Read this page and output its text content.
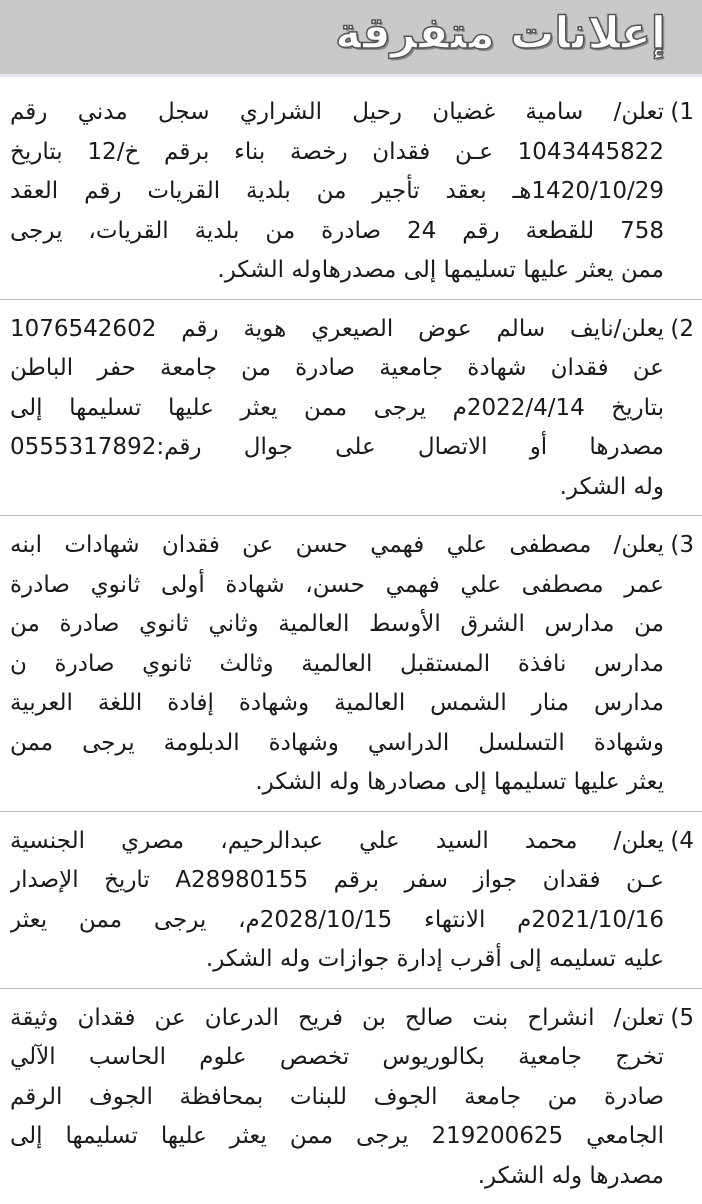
إعلانات متفرقة
1)تعلن/ سامية غضيان رحيل الشراري سجل مدني رقم
1043445822 عـن فقدان رخصة بناء برقم خ/12 بتاريخ
1420/10/29هـ بعقد تأجير من بلدية القريات رقم العقد
758 للقطعة رقم 24 صادرة من بلدية القريات، يرجى
ممن يعثر عليها تسليمها إلى مصدرهاوله الشكر.
2)يعلن/نايف سالم عوض الصيعري هوية رقم 1076542602
عن فقدان شهادة جامعية صادرة من جامعة حفر الباطن
بتاريخ 2022/4/14م يرجى ممن يعثر عليها تسليمها إلى
مصدرها أو الاتصال على جوال رقم:0555317892
وله الشكر.
3)يعلن/ مصطفى علي فهمي حسن عن فقدان شهادات ابنه
عمر مصطفى علي فهمي حسن، شهادة أولى ثانوي صادرة
من مدارس الشرق الأوسط العالمية وثاني ثانوي صادرة من
مدارس نافذة المستقبل العالمية وثالث ثانوي صادرة ن
مدارس منار الشمس العالمية وشهادة إفادة اللغة العربية
وشهادة التسلسل الدراسي وشهادة الدبلومة يرجى ممن
يعثر عليها تسليمها إلى مصادرها وله الشكر.
4)يعلن/ محمد السيد علي عبدالرحيم، مصري الجنسية
عـن فقدان جواز سفر برقم A28980155 تاريخ الإصدار
2021/10/16م الانتهاء 2028/10/15م، يرجى ممن يعثر
عليه تسليمه إلى أقرب إدارة جوازات وله الشكر.
5)تعلن/ انشراح بنت صالح بن فريح الدرعان عن فقدان وثيقة
تخرج جامعية بكالوريوس تخصص علوم الحاسب الآلي
صادرة من جامعة الجوف للبنات بمحافظة الجوف الرقم
الجامعي 219200625 يرجى ممن يعثر عليها تسليمها إلى
مصدرها وله الشكر.
